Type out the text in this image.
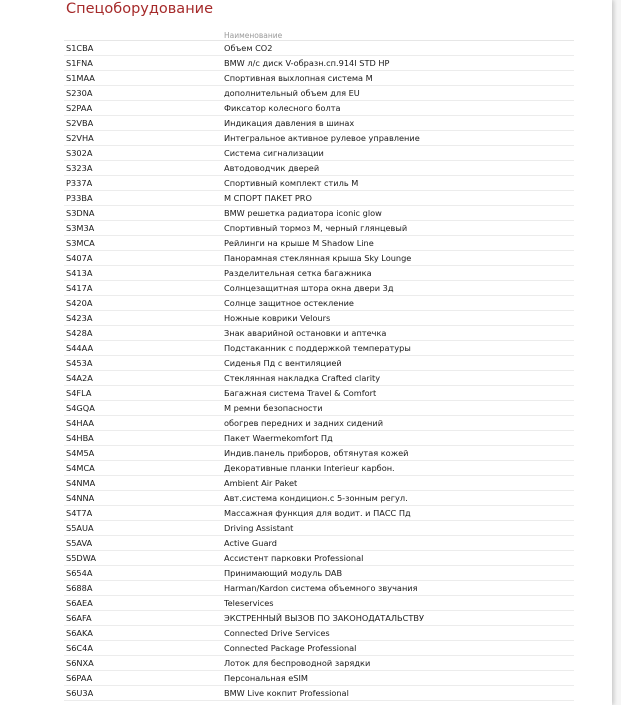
Спецоборудование
	Наименование
S1CBA	Объем CO2
S1FNA	BMW л/с диск V-образн.сп.914I STD HP
S1MAA	Спортивная выхлопная система M
S230A	дополнительный объем для EU
S2PAA	Фиксатор колесного болта
S2VBA	Индикация давления в шинах
S2VHA	Интегральное активное рулевое управление
S302A	Система сигнализации
S323A	Автодоводчик дверей
P337A	Спортивный комплект стиль M
P33BA	M СПОРТ ПАКЕТ PRO
S3DNA	BMW решетка радиатора iconic glow
S3M3A	Спортивный тормоз M, черный глянцевый
S3MCA	Рейлинги на крыше M Shadow Line
S407A	Панорамная стеклянная крыша Sky Lounge
S413A	Разделительная сетка багажника
S417A	Солнцезащитная штора окна двери 3д
S420A	Солнце защитное остекление
S423A	Ножные коврики Velours
S428A	Знак аварийной остановки и аптечка
S44AA	Подстаканник с поддержкой температуры
S453A	Сиденья Пд с вентиляцией
S4A2A	Стеклянная накладка Crafted clarity
S4FLA	Багажная система Travel & Comfort
S4GQA	М ремни безопасности
S4HAA	обогрев передних и задних сидений
S4HBA	Пакет Waermekomfort Пд
S4M5A	Индив.панель приборов, обтянутая кожей
S4MCA	Декоративные планки Interieur карбон.
S4NMA	Ambient Air Paket
S4NNA	Авт.система кондицион.с 5-зонным регул.
S4T7A	Массажная функция для водит. и ПАСС Пд
S5AUA	Driving Assistant
S5AVA	Active Guard
S5DWA	Ассистент парковки Professional
S654A	Принимающий модуль DAB
S688A	Harman/Kardon система объемного звучания
S6AEA	Teleservices
S6AFA	ЭКСТРЕННЫЙ ВЫЗОВ ПО ЗАКОНОДАТАЛЬСТВУ
S6AKA	Connected Drive Services
S6C4A	Connected Package Professional
S6NXA	Лоток для беспроводной зарядки
S6PAA	Персональная eSIM
S6U3A	BMW Live кокпит Professional
